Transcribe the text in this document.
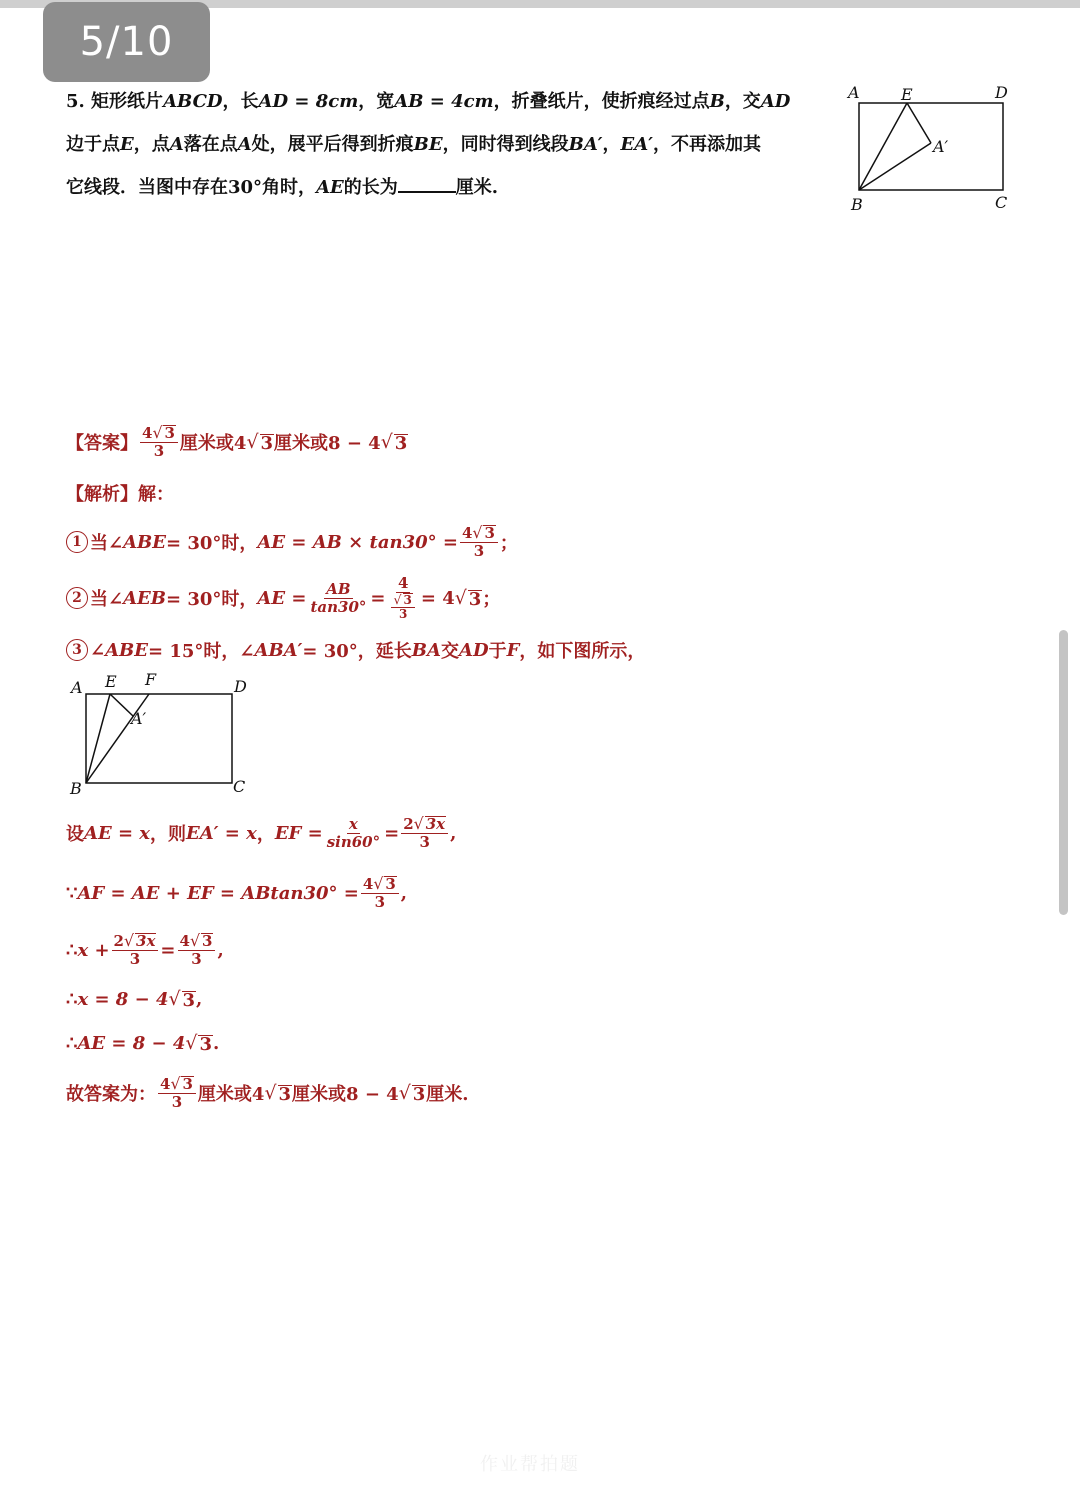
5/10
5. 矩形纸片ABCD，长AD = 8cm，宽AB = 4cm，折叠纸片，使折痕经过点B，交AD
边于点E，点A落在点A处，展平后得到折痕BE，同时得到线段BA′，EA′，不再添加其
它线段．当图中存在30°角时，AE的长为	厘米.
A	E	D
A′
B	C
【答案】 $\frac{4 √ 3}{3}$ 厘米或4 √ 3 厘米或8 − 4 √ 3
【解析】 解：
1 当∠ ABE = 30°时， AE = AB × $\tan 30^\circ = \frac{4 √ 3}{3}$ ；
2 当∠ AEB = 30°时， AE = $\frac{AB}{\tan 30^\circ} = \frac{4}{\frac{√ 3}{3}} = 4$ √ 3 ；
3 ∠ ABE = 15°时，∠ ABA′ = 30°，延长 BA 交 AD 于 F ，如下图所示，
A E F	D
A′
B	C
设 AE = x ，则 EA′ = x ， EF = $\frac{x}{\sin 60^\circ} = \frac{2 √ 3x}{3}$ ,
∵ AF = AE + EF = $ABtan30^\circ = \frac{4 √ 3}{3}$ ,
∴ $x + \frac{2 √ 3x}{3} = \frac{4 √ 3}{3}$ ,
∴ x = 8 − 4 √ 3 ,
∴ AE = 8 − 4 √ 3 .
故答案为： $\frac{4 √ 3}{3}$ 厘米或4 √ 3 厘米或8 − 4 √ 3 厘米.
作业帮拍题
